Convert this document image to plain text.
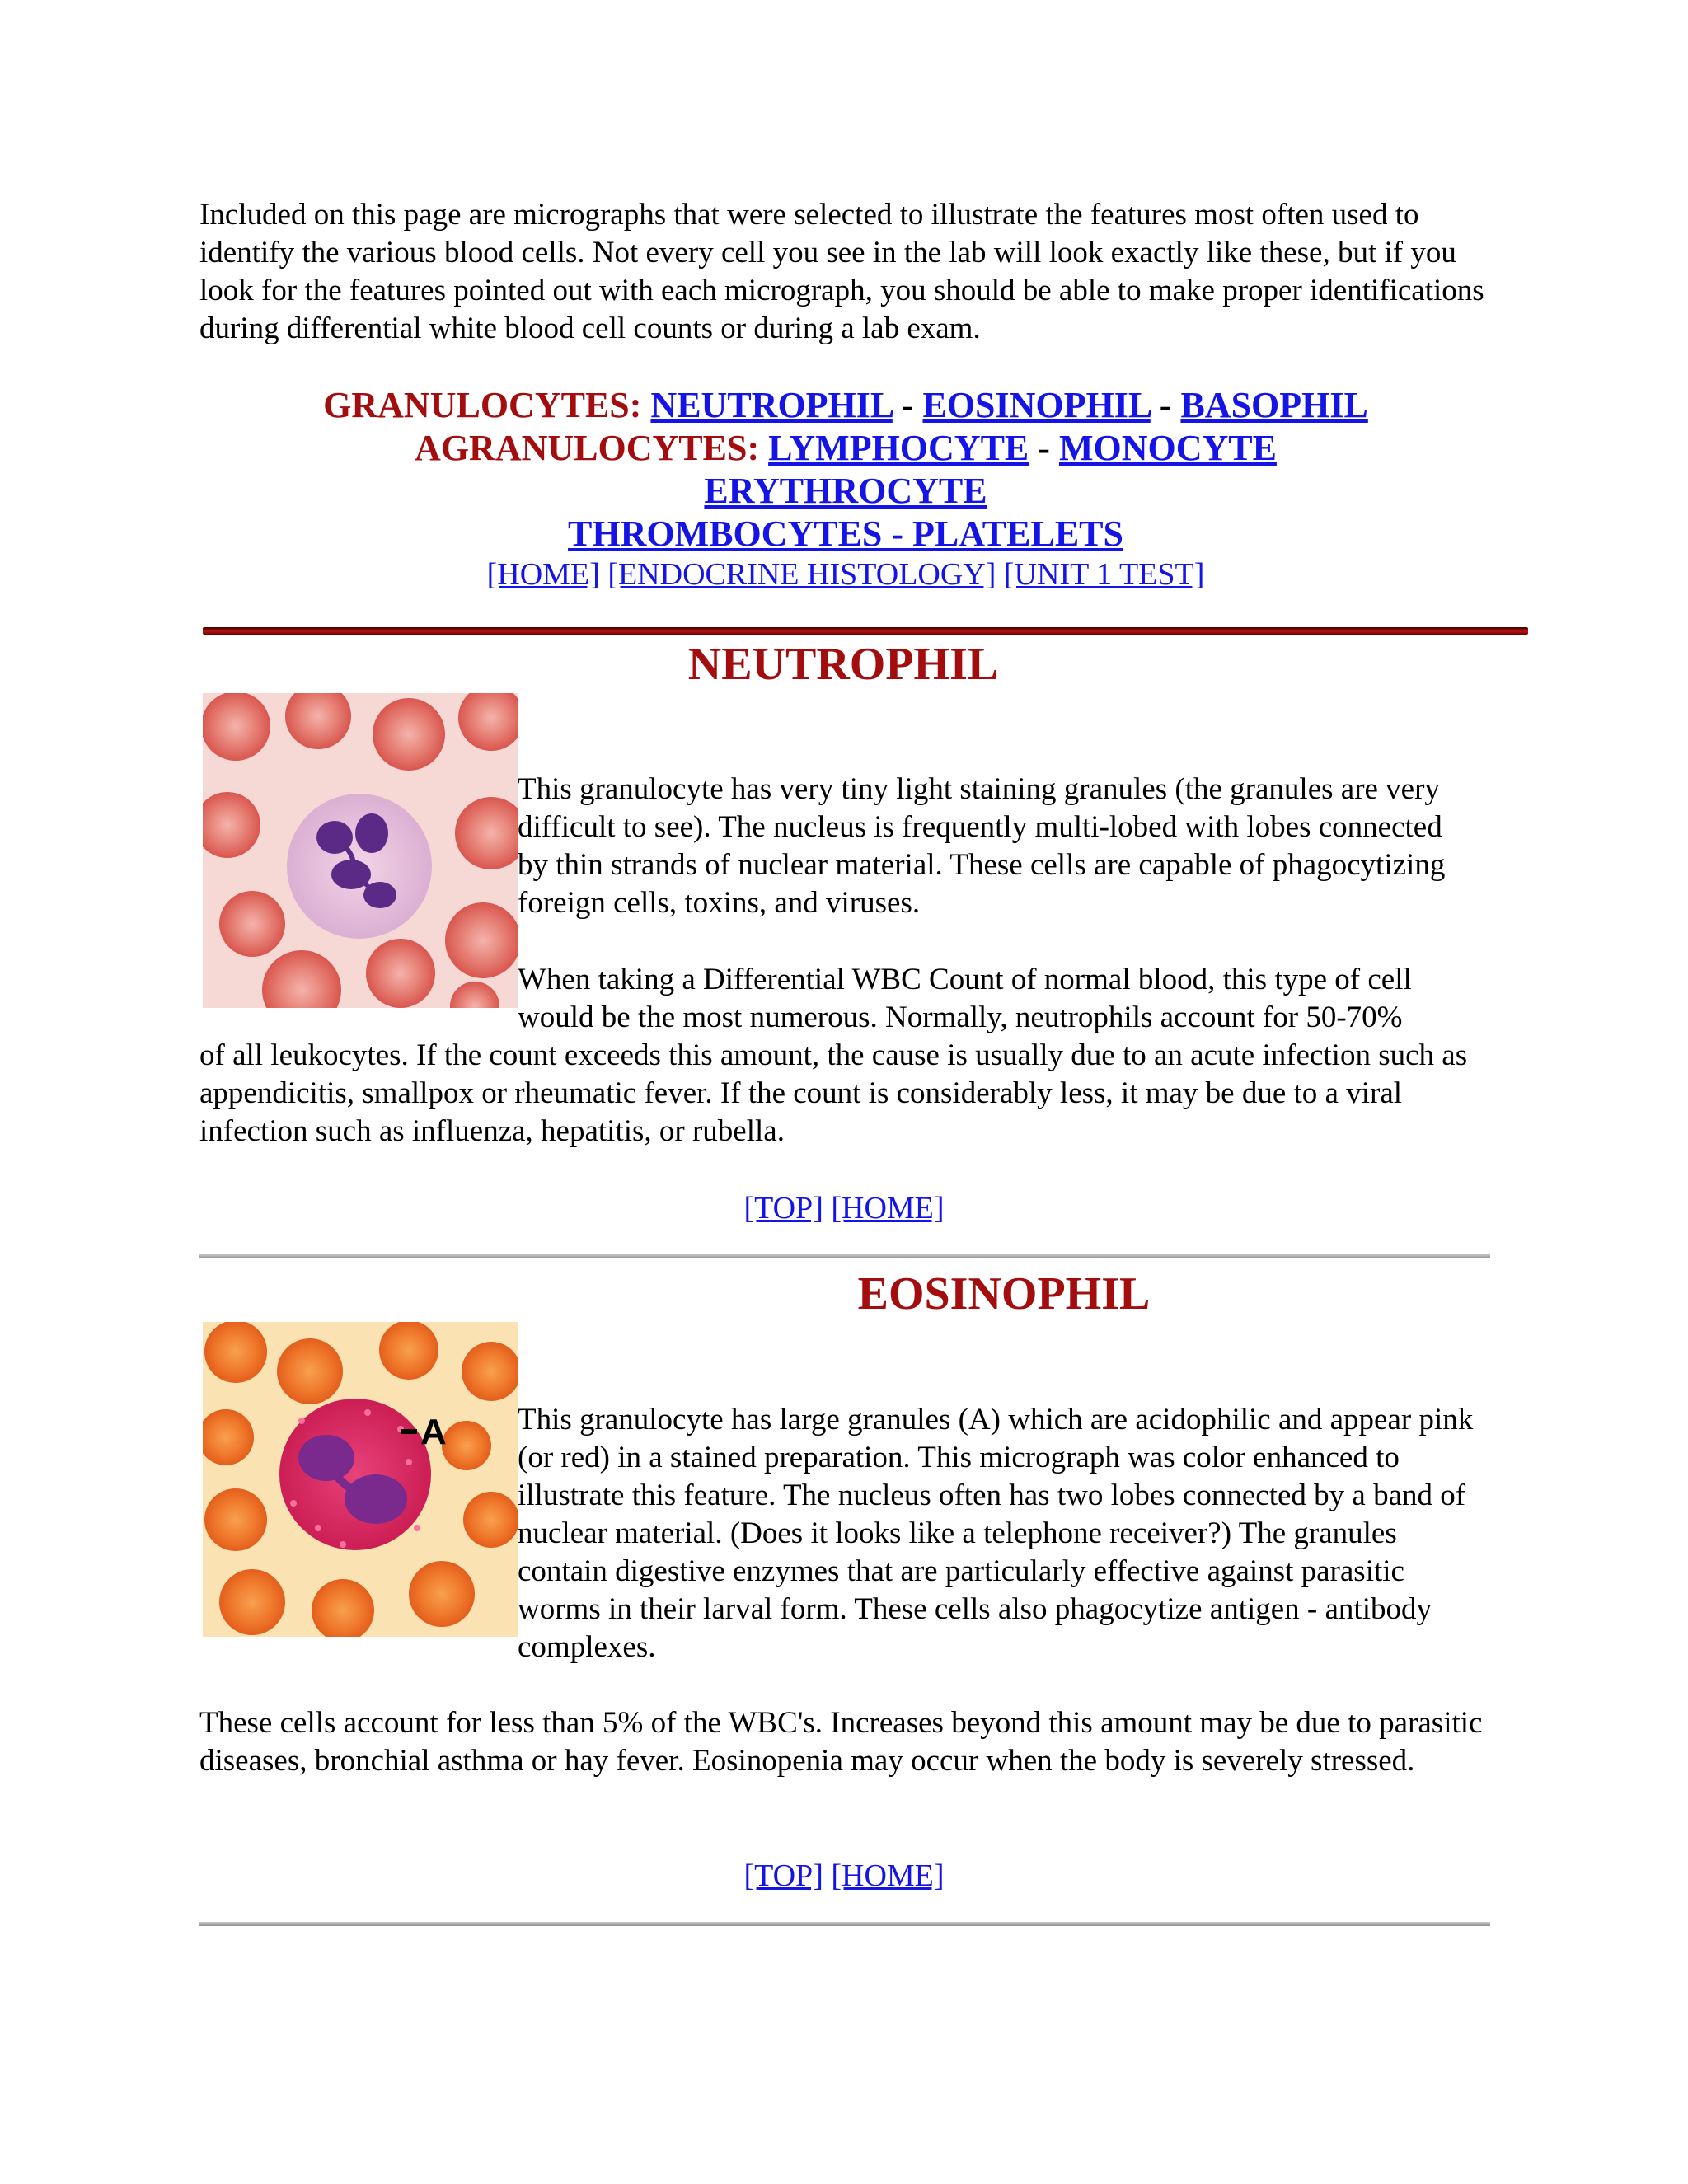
Included on this page are micrographs that were selected to illustrate the features most often used to identify the various blood cells. Not every cell you see in the lab will look exactly like these, but if you look for the features pointed out with each micrograph, you should be able to make proper identifications during differential white blood cell counts or during a lab exam.

GRANULOCYTES: NEUTROPHIL - EOSINOPHIL - BASOPHIL
AGRANULOCYTES: LYMPHOCYTE - MONOCYTE
ERYTHROCYTE
THROMBOCYTES - PLATELETS
[HOME] [ENDOCRINE HISTOLOGY] [UNIT 1 TEST]
NEUTROPHIL

This granulocyte has very tiny light staining granules (the granules are very difficult to see). The nucleus is frequently multi-lobed with lobes connected by thin strands of nuclear material. These cells are capable of phagocytizing foreign cells, toxins, and viruses.

When taking a Differential WBC Count of normal blood, this type of cell

would be the most numerous. Normally, neutrophils account for 50-70%

of all leukocytes. If the count exceeds this amount, the cause is usually due to an acute infection such as appendicitis, smallpox or rheumatic fever. If the count is considerably less, it may be due to a viral infection such as influenza, hepatitis, or rubella.

[TOP] [HOME]
EOSINOPHIL
A This granulocyte has large granules (A) which are acidophilic and appear pink (or red) in a stained preparation. This micrograph was color enhanced to illustrate this feature. The nucleus often has two lobes connected by a band of nuclear material. (Does it looks like a telephone receiver?) The granules contain digestive enzymes that are particularly effective against parasitic worms in their larval form. These cells also phagocytize antigen - antibody complexes.

These cells account for less than 5% of the WBC's. Increases beyond this amount may be due to parasitic diseases, bronchial asthma or hay fever. Eosinopenia may occur when the body is severely stressed.

[TOP] [HOME]
